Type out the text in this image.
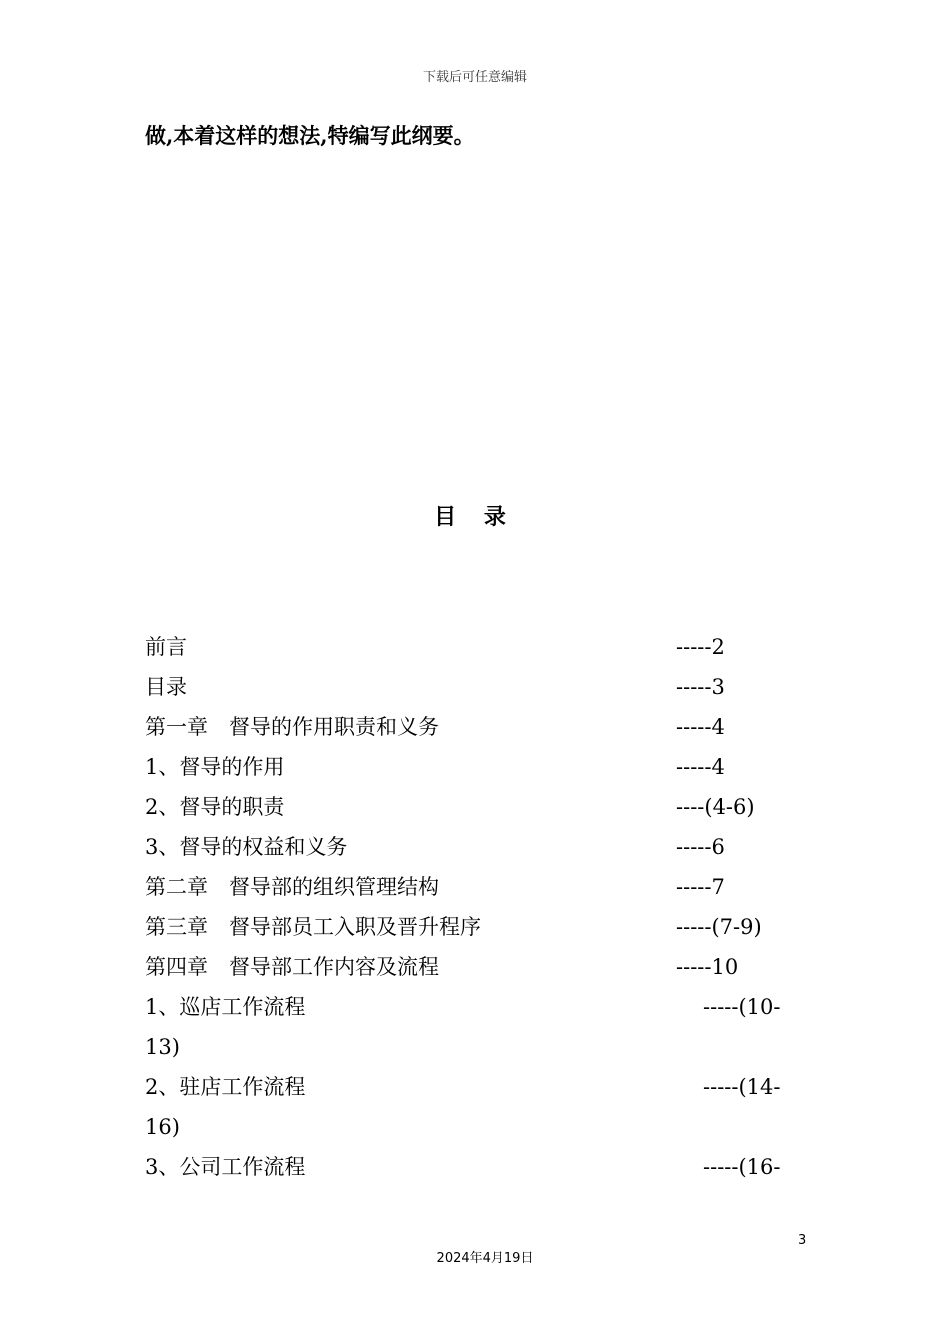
下载后可任意编辑
做,本着这样的想法,特编写此纲要。
目 录
前言	-----2
目录	-----3
第一章　督导的作用职责和义务	-----4
1、督导的作用	-----4
2、督导的职责	----(4-6)
3、督导的权益和义务	-----6
第二章　督导部的组织管理结构	-----7
第三章　督导部员工入职及晋升程序	-----(7-9)
第四章　督导部工作内容及流程	-----10
1、巡店工作流程	-----(10-
13)
2、驻店工作流程	-----(14-
16)
3、公司工作流程	-----(16-
3
2024年4月19日
